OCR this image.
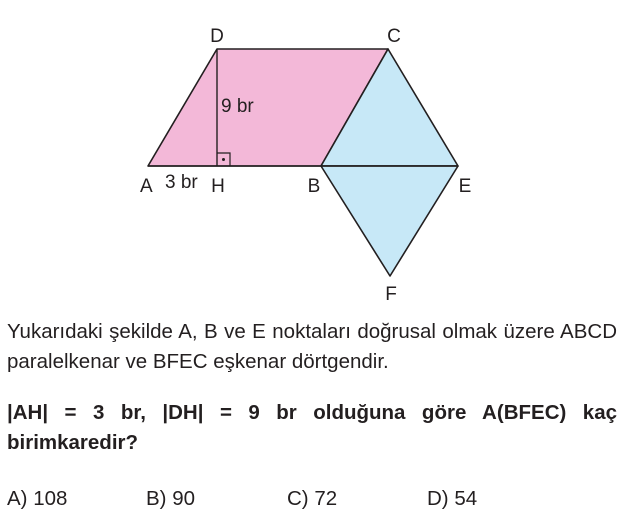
D	C
A	H	B	E
F
9 br
3 br
Yukarıdaki şekilde A, B ve E noktaları doğrusal olmak üzere ABCD paralelkenar ve BFEC eşkenar dörtgendir.
|AH| = 3 br, |DH| = 9 br olduğuna göre A(BFEC) kaç birimkaredir?
A) 108	B) 90	C) 72	D) 54
